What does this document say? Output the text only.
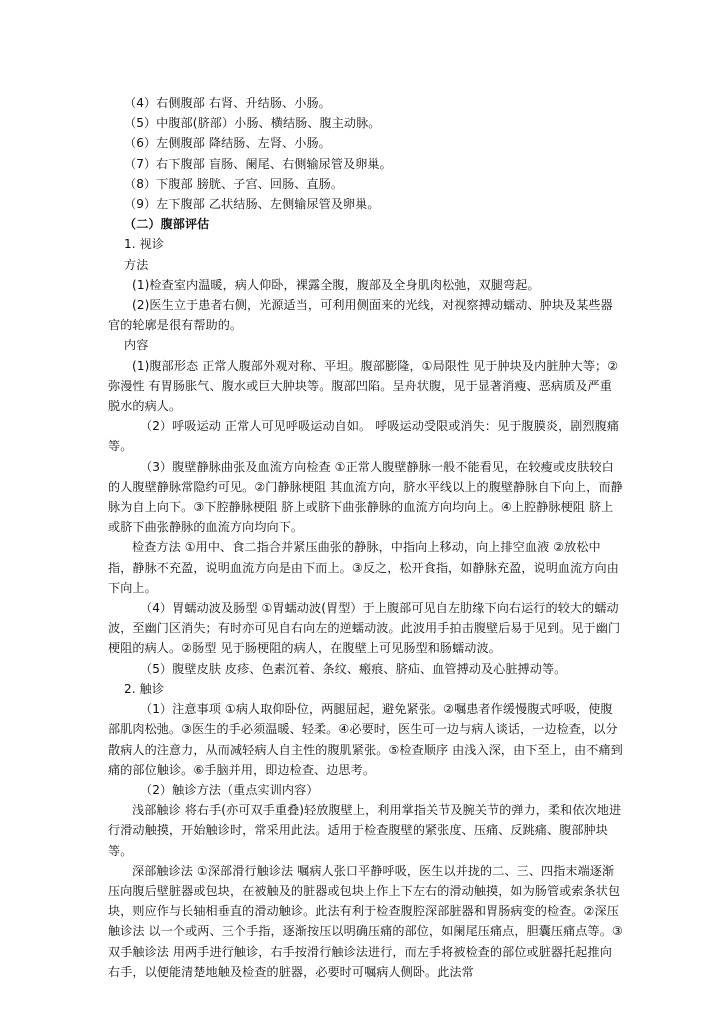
（4）右侧腹部 右肾、升结肠、小肠。

（5）中腹部(脐部）小肠、横结肠、腹主动脉。

（6）左侧腹部 降结肠、左肾、小肠。

（7）右下腹部 盲肠、阑尾、右侧输尿管及卵巢。

（8）下腹部 膀胱、子宫、回肠、直肠。

（9）左下腹部 乙状结肠、左侧输尿管及卵巢。

（二）腹部评估

1. 视诊

方法

(1)检查室内温暖，病人仰卧，裸露全腹，腹部及全身肌肉松弛，双腿弯起。

(2)医生立于患者右侧，光源适当，可利用侧面来的光线，对视察搏动蠕动、肿块及某些器官的轮廓是很有帮助的。

内容

(1)腹部形态 正常人腹部外观对称、平坦。腹部膨隆，①局限性 见于肿块及内脏肿大等；②弥漫性 有胃肠胀气、腹水或巨大肿块等。腹部凹陷。呈舟状腹，见于显著消瘦、恶病质及严重脱水的病人。

（2）呼吸运动 正常人可见呼吸运动自如。 呼吸运动受限或消失：见于腹膜炎，剧烈腹痛等。

（3）腹壁静脉曲张及血流方向检查 ①正常人腹壁静脉一般不能看见，在较瘦或皮肤较白的人腹壁静脉常隐约可见。②门静脉梗阻 其血流方向，脐水平线以上的腹壁静脉自下向上，而静脉为自上向下。③下腔静脉梗阻 脐上或脐下曲张静脉的血流方向均向上。④上腔静脉梗阻 脐上或脐下曲张静脉的血流方向均向下。

检查方法 ①用中、食二指合并紧压曲张的静脉，中指向上移动，向上排空血液 ②放松中指，静脉不充盈，说明血流方向是由下而上。③反之，松开食指，如静脉充盈，说明血流方向由下向上。

（4）胃蠕动波及肠型 ①胃蠕动波(胃型）于上腹部可见自左肋缘下向右运行的较大的蠕动波，至幽门区消失；有时亦可见自右向左的逆蠕动波。此波用手拍击腹壁后易于见到。见于幽门梗阻的病人。②肠型 见于肠梗阻的病人，在腹壁上可见肠型和肠蠕动波。

（5）腹壁皮肤 皮疹、色素沉着、条纹、瘢痕、脐疝、血管搏动及心脏搏动等。

2. 触诊

（1）注意事项 ①病人取仰卧位，两腿屈起，避免紧张。②嘱患者作缓慢腹式呼吸，使腹部肌肉松弛。③医生的手必须温暖、轻柔。④必要时，医生可一边与病人谈话，一边检查，以分散病人的注意力，从而减轻病人自主性的腹肌紧张。⑤检查顺序 由浅入深，由下至上，由不痛到痛的部位触诊。⑥手脑并用，即边检查、边思考。

（2）触诊方法（重点实训内容）

浅部触诊 将右手(亦可双手重叠)轻放腹壁上，利用掌指关节及腕关节的弹力，柔和依次地进行滑动触摸，开始触诊时，常采用此法。适用于检查腹壁的紧张度、压痛、反跳痛、腹部肿块等。

深部触诊法 ①深部滑行触诊法 嘱病人张口平静呼吸，医生以并拢的二、三、四指末端逐渐压向腹后壁脏器或包块，在被触及的脏器或包块上作上下左右的滑动触摸，如为肠管或索条状包块，则应作与长轴相垂直的滑动触诊。此法有利于检查腹腔深部脏器和胃肠病变的检查。②深压触诊法 以一个或两、三个手指，逐渐按压以明确压痛的部位，如阑尾压痛点，胆囊压痛点等。③双手触诊法 用两手进行触诊，右手按滑行触诊法进行，而左手将被检查的部位或脏器托起推向右手，以便能清楚地触及检查的脏器，必要时可嘱病人侧卧。此法常
